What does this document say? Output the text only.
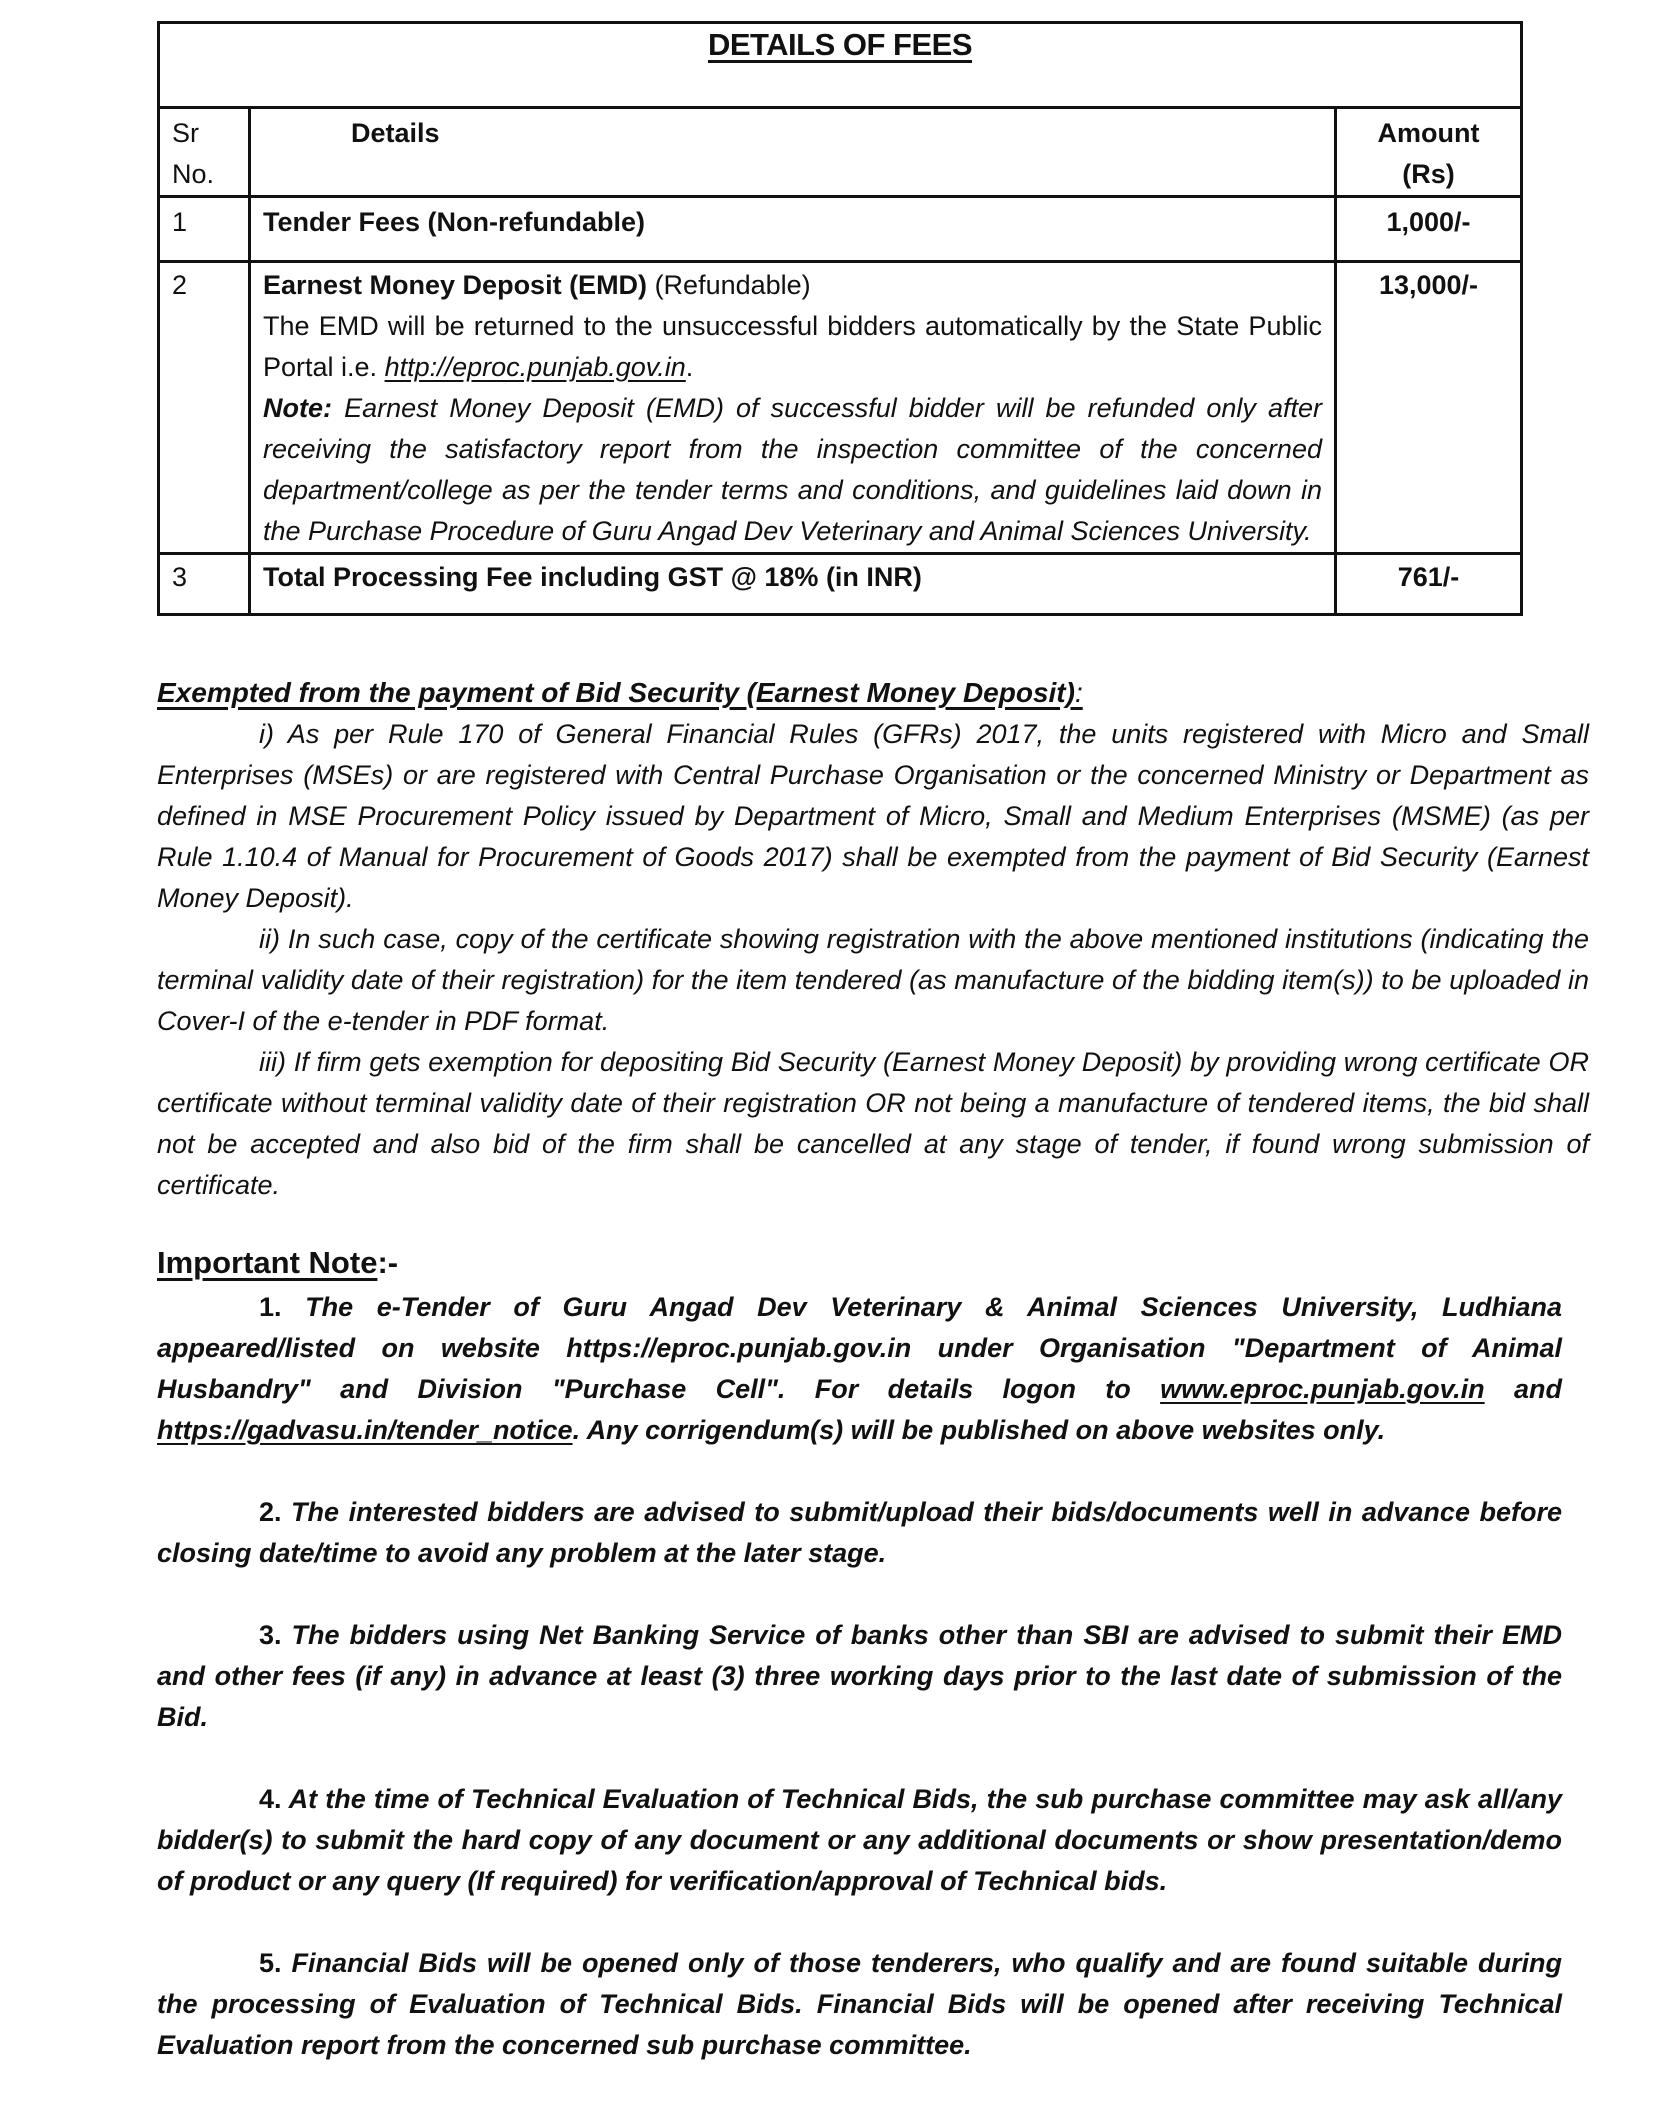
DETAILS OF FEES		
Sr No.	Details	Amount (Rs)
1	Tender Fees (Non-refundable)	1,000/-
2	Earnest Money Deposit (EMD) (Refundable)
The EMD will be returned to the unsuccessful bidders automatically by the State Public Portal i.e. http://eproc.punjab.gov.in.
Note: Earnest Money Deposit (EMD) of successful bidder will be refunded only after receiving the satisfactory report from the inspection committee of the concerned department/college as per the tender terms and conditions, and guidelines laid down in the Purchase Procedure of Guru Angad Dev Veterinary and Animal Sciences University.	13,000/-
3	Total Processing Fee including GST @ 18% (in INR)	761/-

Exempted from the payment of Bid Security (Earnest Money Deposit):

i) As per Rule 170 of General Financial Rules (GFRs) 2017, the units registered with Micro and Small Enterprises (MSEs) or are registered with Central Purchase Organisation or the concerned Ministry or Department as defined in MSE Procurement Policy issued by Department of Micro, Small and Medium Enterprises (MSME) (as per Rule 1.10.4 of Manual for Procurement of Goods 2017) shall be exempted from the payment of Bid Security (Earnest Money Deposit).

ii) In such case, copy of the certificate showing registration with the above mentioned institutions (indicating the terminal validity date of their registration) for the item tendered (as manufacture of the bidding item(s)) to be uploaded in Cover-I of the e-tender in PDF format.

iii) If firm gets exemption for depositing Bid Security (Earnest Money Deposit) by providing wrong certificate OR certificate without terminal validity date of their registration OR not being a manufacture of tendered items, the bid shall not be accepted and also bid of the firm shall be cancelled at any stage of tender, if found wrong submission of certificate.

Important Note:-

1. The e-Tender of Guru Angad Dev Veterinary & Animal Sciences University, Ludhiana appeared/listed on website https://eproc.punjab.gov.in under Organisation "Department of Animal Husbandry" and Division "Purchase Cell". For details logon to www.eproc.punjab.gov.in and https://gadvasu.in/tender_notice. Any corrigendum(s) will be published on above websites only.

2. The interested bidders are advised to submit/upload their bids/documents well in advance before closing date/time to avoid any problem at the later stage.

3. The bidders using Net Banking Service of banks other than SBI are advised to submit their EMD and other fees (if any) in advance at least (3) three working days prior to the last date of submission of the Bid.

4. At the time of Technical Evaluation of Technical Bids, the sub purchase committee may ask all/any bidder(s) to submit the hard copy of any document or any additional documents or show presentation/demo of product or any query (If required) for verification/approval of Technical bids.

5. Financial Bids will be opened only of those tenderers, who qualify and are found suitable during the processing of Evaluation of Technical Bids. Financial Bids will be opened after receiving Technical Evaluation report from the concerned sub purchase committee.
